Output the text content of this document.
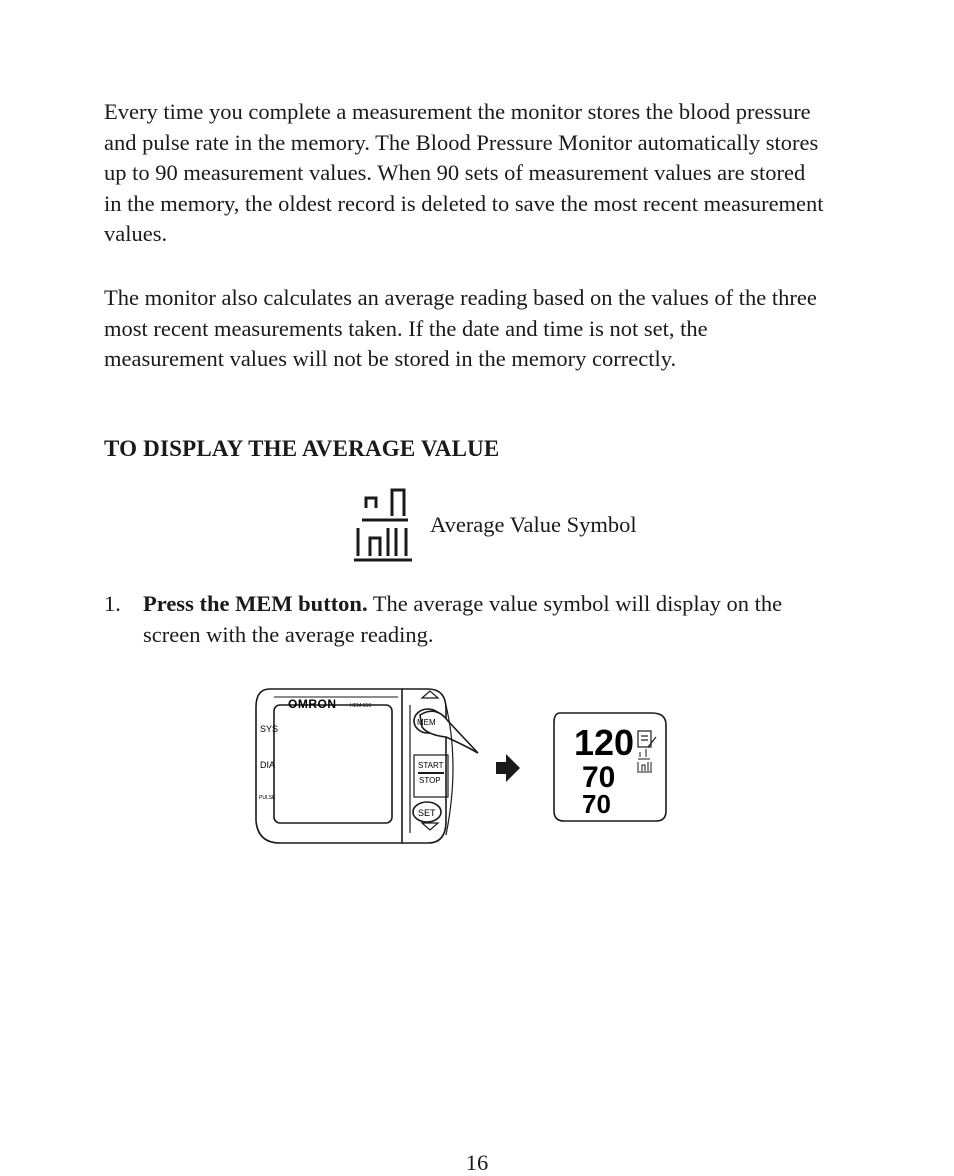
Every time you complete a measurement the monitor stores the blood pressure and pulse rate in the memory. The Blood Pressure Monitor automatically stores up to 90 measurement values. When 90 sets of measurement values are stored in the memory, the oldest record is deleted to save the most recent measurement values.

The monitor also calculates an average reading based on the values of the three most recent measurements taken. If the date and time is not set, the measurement values will not be stored in the memory correctly.

TO DISPLAY THE AVERAGE VALUE
Average Value Symbol
1. Press the MEM button. The average value symbol will display on the screen with the average reading.
OMRON	HEM-650
SYS
DIA
PULSE
MEM
START
STOP
SET
120
70
70
16
